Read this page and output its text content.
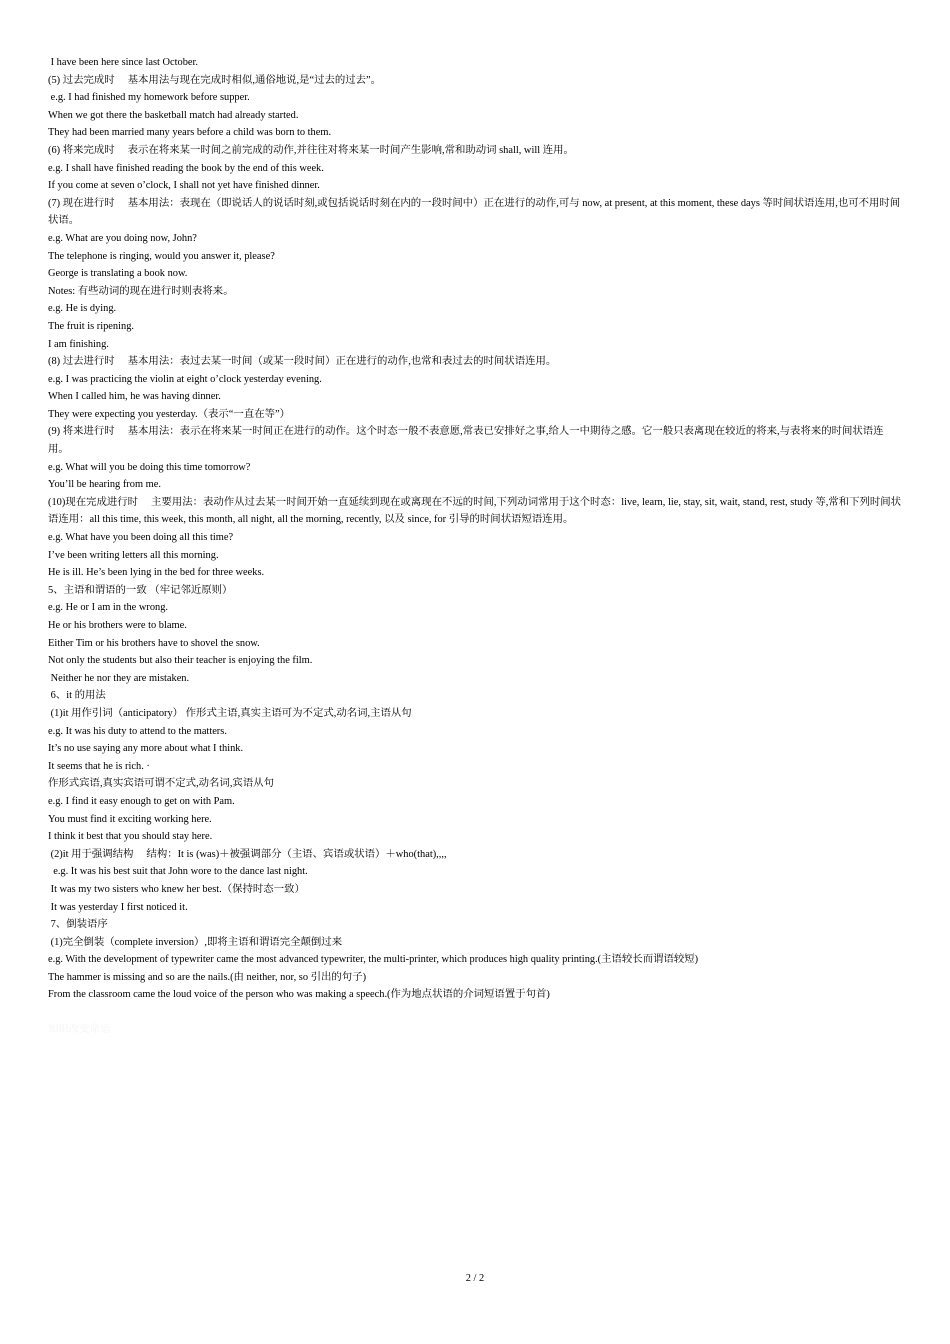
I have been here since last October.

(5) 过去完成时 　基本用法与现在完成时相似,通俗地说,是“过去的过去”。

e.g. I had finished my homework before supper.

When we got there the basketball match had already started.

They had been married many years before a child was born to them.

(6) 将来完成时 　表示在将来某一时间之前完成的动作,并往往对将来某一时间产生影响,常和助动词 shall, will 连用。

e.g. I shall have finished reading the book by the end of this week.

If you come at seven o’clock, I shall not yet have finished dinner.

(7) 现在进行时 　基本用法：表现在（即说话人的说话时刻,或包括说话时刻在内的一段时间中）正在进行的动作,可与 now, at present, at this moment, these days 等时间状语连用,也可不用时间状语。

e.g. What are you doing now, John?

The telephone is ringing, would you answer it, please?

George is translating a book now.

Notes: 有些动词的现在进行时则表将来。

e.g. He is dying.

The fruit is ripening.

I am finishing.

(8) 过去进行时 　基本用法：表过去某一时间（或某一段时间）正在进行的动作,也常和表过去的时间状语连用。

e.g. I was practicing the violin at eight o’clock yesterday evening.

When I called him, he was having dinner.

They were expecting you yesterday.（表示“一直在等”）

(9) 将来进行时 　基本用法：表示在将来某一时间正在进行的动作。这个时态一般不表意愿,常表已安排好之事,给人一中期待之感。它一般只表离现在较近的将来,与表将来的时间状语连用。

e.g. What will you be doing this time tomorrow?

You’ll be hearing from me.

(10)现在完成进行时 　主要用法：表动作从过去某一时间开始一直延续到现在或离现在不远的时间,下列动词常用于这个时态：live, learn, lie, stay, sit, wait, stand, rest, study 等,常和下列时间状语连用：all this time, this week, this month, all night, all the morning, recently, 以及 since, for 引导的时间状语短语连用。

e.g. What have you been doing all this time?

I’ve been writing letters all this morning.

He is ill. He’s been lying in the bed for three weeks.

5、主语和谓语的一致 （牢记邻近原则）

e.g. He or I am in the wrong.

He or his brothers were to blame.

Either Tim or his brothers have to shovel the snow.

Not only the students but also their teacher is enjoying the film.

Neither he nor they are mistaken.

6、it 的用法

(1)it 用作引词（anticipatory） 作形式主语,真实主语可为不定式,动名词,主语从句

e.g. It was his duty to attend to the matters.

It’s no use saying any more about what I think.

It seems that he is rich. ·

作形式宾语,真实宾语可谓不定式,动名词,宾语从句

e.g. I find it easy enough to get on with Pam.

You must find it exciting working here.

I think it best that you should stay here.

(2)it 用于强调结构 　结构：It is (was)＋被强调部分（主语、宾语或状语）＋who(that),,,,

e.g. It was his best suit that John wore to the dance last night.

It was my two sisters who knew her best.（保持时态一致）

It was yesterday I first noticed it.

7、倒装语序

(1)完全倒装（complete inversion）,即将主语和谓语完全颠倒过来

e.g. With the development of typewriter came the most advanced typewriter, the multi-printer, which produces high quality printing.(主语较长而谓语较短)

The hammer is missing and so are the nails.(由 neither, nor, so 引出的句子)

From the classroom came the loud voice of the person who was making a speech.(作为地点状语的介词短语置于句首)

知识改变命运
2 / 2
